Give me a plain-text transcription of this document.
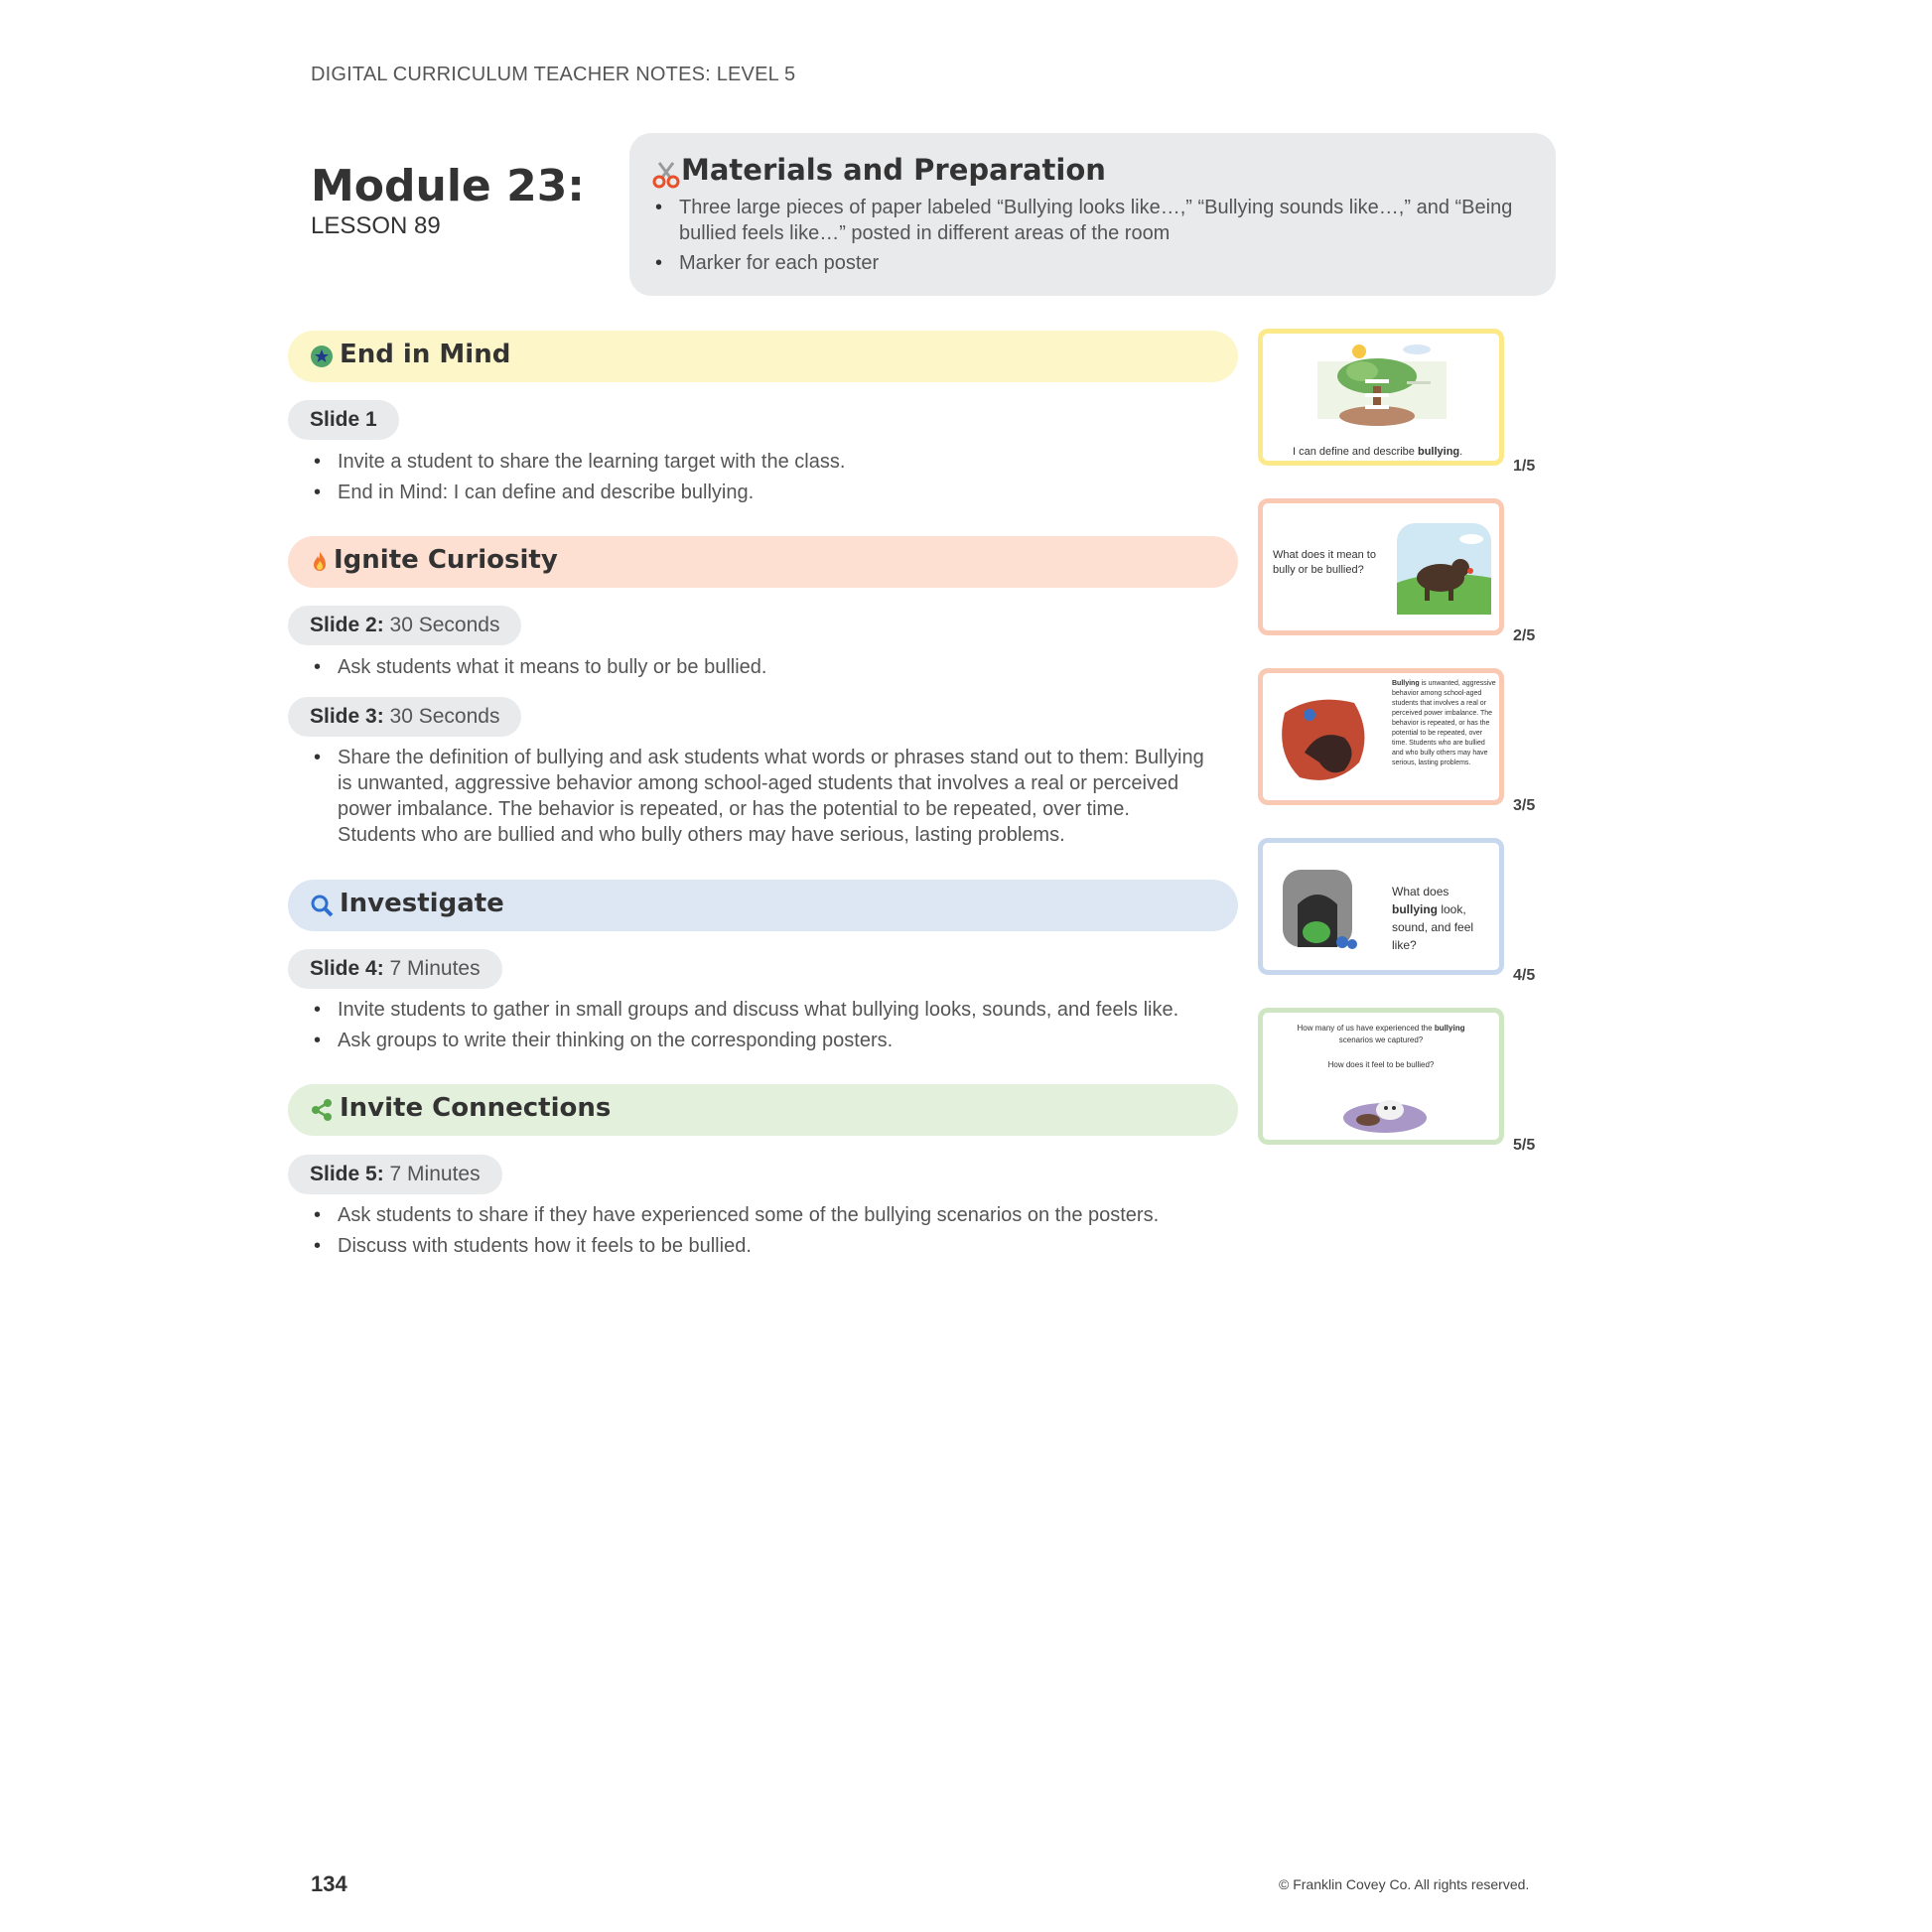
DIGITAL CURRICULUM TEACHER NOTES: LEVEL 5
Module 23:
LESSON 89
Materials and Preparation
• Three large pieces of paper labeled “Bullying looks like…,” “Bullying sounds like…,” and “Being bullied feels like…” posted in different areas of the room
• Marker for each poster
End in Mind
Slide 1
• Invite a student to share the learning target with the class.
• End in Mind: I can define and describe bullying.
Ignite Curiosity
Slide 2: 30 Seconds
• Ask students what it means to bully or be bullied.
Slide 3: 30 Seconds
• Share the definition of bullying and ask students what words or phrases stand out to them: Bullying is unwanted, aggressive behavior among school-aged students that involves a real or perceived power imbalance. The behavior is repeated, or has the potential to be repeated, over time. Students who are bullied and who bully others may have serious, lasting problems.
Investigate
Slide 4: 7 Minutes
• Invite students to gather in small groups and discuss what bullying looks, sounds, and feels like.
• Ask groups to write their thinking on the corresponding posters.
Invite Connections
Slide 5: 7 Minutes
• Ask students to share if they have experienced some of the bullying scenarios on the posters.
• Discuss with students how it feels to be bullied.
I can define and describe bullying.
1/5
What does it mean to bully or be bullied?
2/5
Bullying is unwanted, aggressive behavior among school-aged students that involves a real or perceived power imbalance. The behavior is repeated, or has the potential to be repeated, over time. Students who are bullied and who bully others may have serious, lasting problems.
3/5
What does bullying look, sound, and feel like?
4/5
How many of us have experienced the bullying scenarios we captured?
How does it feel to be bullied?
5/5
134	© Franklin Covey Co. All rights reserved.
